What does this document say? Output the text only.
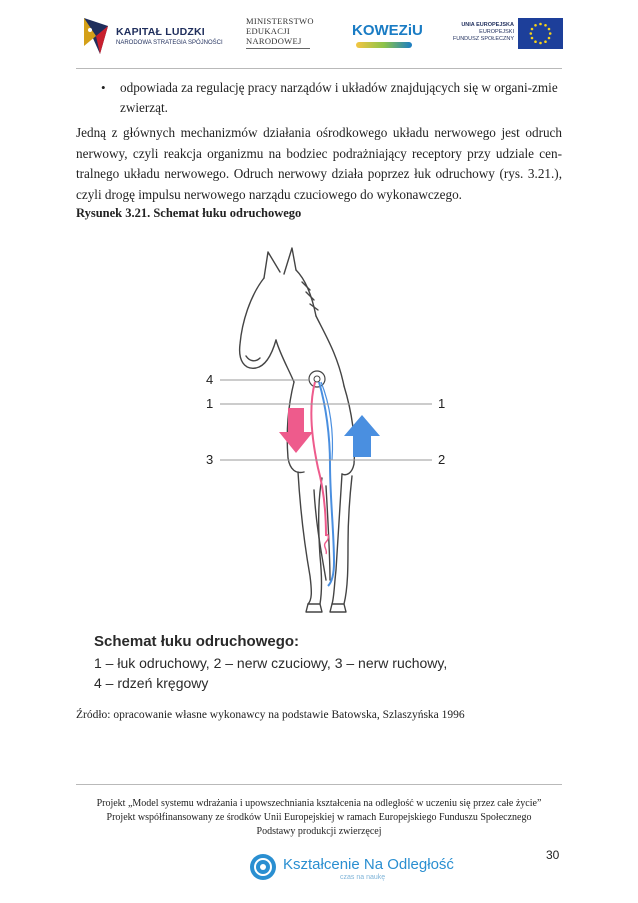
KAPITAŁ LUDZKI
NARODOWA STRATEGIA SPÓJNOŚCI
MINISTERSTWO
EDUKACJI
NARODOWEJ
KOWEZiU	UNIA EUROPEJSKA
EUROPEJSKI
FUNDUSZ SPOŁECZNY
• odpowiada za regulację pracy narządów i układów znajdujących się w organi-zmie zwierząt.
Jedną z głównych mechanizmów działania ośrodkowego układu nerwowego jest odruch nerwowy, czyli reakcja organizmu na bodziec podrażniający receptory przy udziale cen-tralnego układu nerwowego. Odruch nerwowy działa poprzez łuk odruchowy (rys. 3.21.), czyli drogę impulsu nerwowego narządu czuciowego do wykonawczego.
Rysunek 3.21. Schemat łuku odruchowego
4
1
3
1
2
Schemat łuku odruchowego:
1 – łuk odruchowy, 2 – nerw czuciowy, 3 – nerw ruchowy,
4 – rdzeń kręgowy
Źródło: opracowanie własne wykonawcy na podstawie Batowska, Szlaszyńska 1996
Projekt „Model systemu wdrażania i upowszechniania kształcenia na odległość w uczeniu się przez całe życie”
Projekt współfinansowany ze środków Unii Europejskiej w ramach Europejskiego Funduszu Społecznego
Podstawy produkcji zwierzęcej
30
Kształcenie Na Odległość
czas na naukę
